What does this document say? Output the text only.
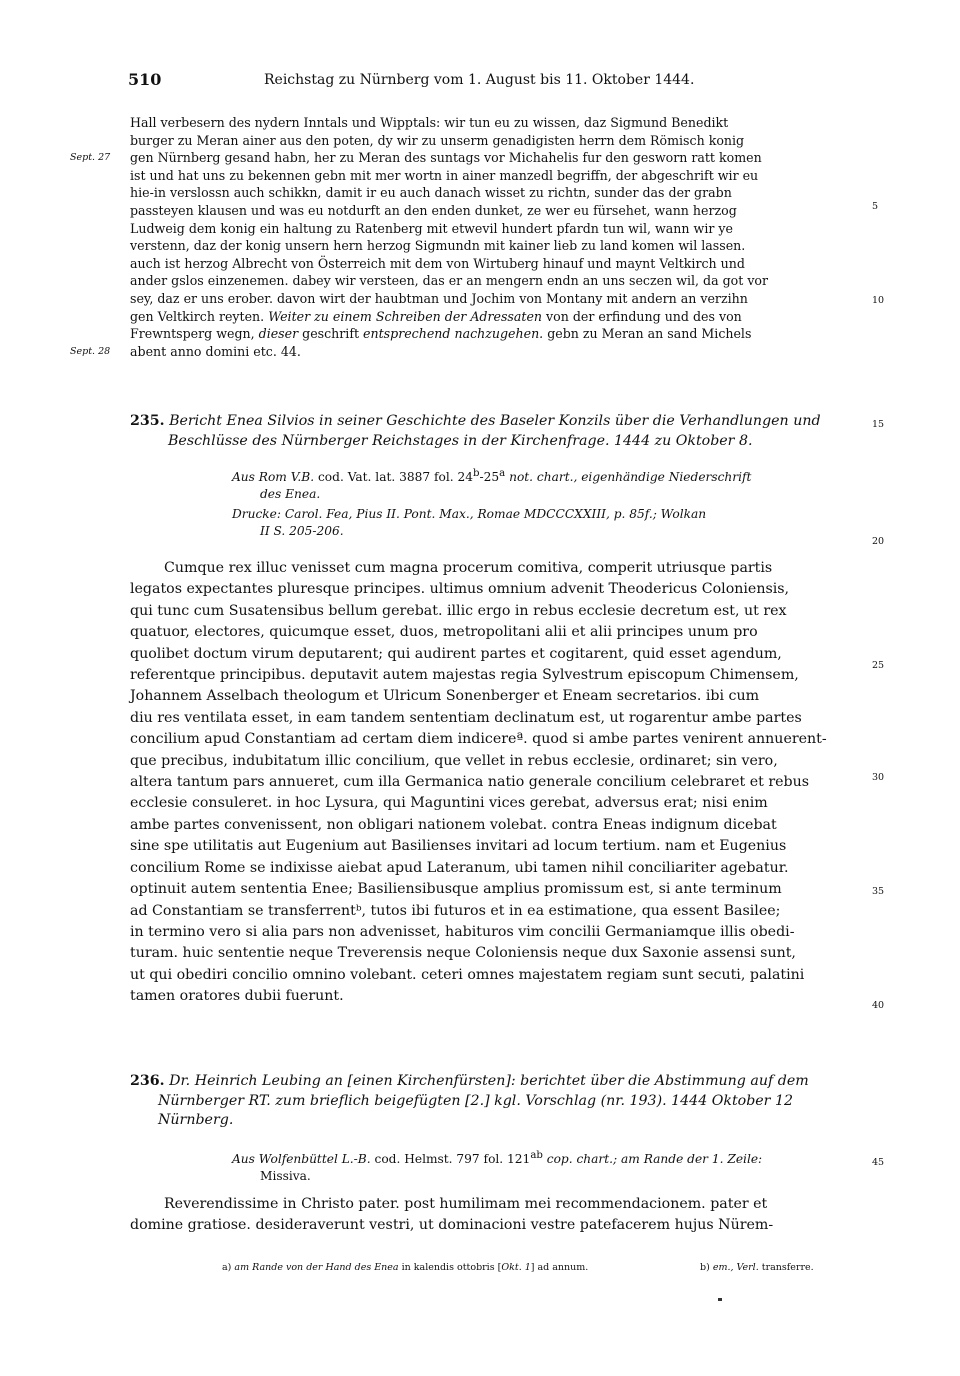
510	Reichstag zu Nürnberg vom 1. August bis 11. Oktober 1444.

Hall verbesern des nydern Inntals und Wipptals: wir tun eu zu wissen, daz Sigmund Benedikt

burger zu Meran ainer aus den poten, dy wir zu unserm genadigisten herrn dem Römisch konig

gen Nürnberg gesand habn, her zu Meran des suntags vor Michahelis fur den gesworn ratt komen

ist und hat uns zu bekennen gebn mit mer wortn in ainer manzedl begriffn, der abgeschrift wir eu

hie-in verslossn auch schikkn, damit ir eu auch danach wisset zu richtn, sunder das der grabn

passteyen klausen und was eu notdurft an den enden dunket, ze wer eu fürsehet, wann herzog

Ludweig dem konig ein haltung zu Ratenberg mit etwevil hundert pfardn tun wil, wann wir ye

verstenn, daz der konig unsern hern herzog Sigmundn mit kainer lieb zu land komen wil lassen.

auch ist herzog Albrecht von Österreich mit dem von Wirtuberg hinauf und maynt Veltkirch und

ander gslos einzenemen. dabey wir versteen, das er an mengern endn an uns seczen wil, da got vor

sey, daz er uns erober. davon wirt der haubtman und Jochim von Montany mit andern an verzihn

gen Veltkirch reyten. Weiter zu einem Schreiben der Adressaten von der erfindung und des von

Frewntsperg wegn, dieser geschrift entsprechend nachzugehen. gebn zu Meran an sand Michels

abent anno domini etc. 44.

Sept. 27
Sept. 28
5
10
15
20
25
30
35
40
45

235. Bericht Enea Silvios in seiner Geschichte des Baseler Konzils über die Verhandlungen und

Beschlüsse des Nürnberger Reichstages in der Kirchenfrage. 1444 zu Oktober 8.

Aus Rom V.B. cod. Vat. lat. 3887 fol. 24$^b$-25$^a$ not. chart., eigenhändige Niederschrift

des Enea.

Drucke: Carol. Fea, Pius II. Pont. Max., Romae MDCCCXXIII, p. 85f.; Wolkan

II S. 205-206.

Cumque rex illuc venisset cum magna procerum comitiva, comperit utriusque partis

legatos expectantes pluresque principes. ultimus omnium advenit Theodericus Coloniensis,

qui tunc cum Susatensibus bellum gerebat. illic ergo in rebus ecclesie decretum est, ut rex

quatuor, electores, quicumque esset, duos, metropolitani alii et alii principes unum pro

quolibet doctum virum deputarent; qui audirent partes et cogitarent, quid esset agendum,

referentque principibus. deputavit autem majestas regia Sylvestrum episcopum Chimensem,

Johannem Asselbach theologum et Ulricum Sonenberger et Eneam secretarios. ibi cum

diu res ventilata esset, in eam tandem sententiam declinatum est, ut rogarentur ambe partes

concilium apud Constantiam ad certam diem indicereª. quod si ambe partes venirent annuerent-

que precibus, indubitatum illic concilium, que vellet in rebus ecclesie, ordinaret; sin vero,

altera tantum pars annueret, cum illa Germanica natio generale concilium celebraret et rebus

ecclesie consuleret. in hoc Lysura, qui Maguntini vices gerebat, adversus erat; nisi enim

ambe partes convenissent, non obligari nationem volebat. contra Eneas indignum dicebat

sine spe utilitatis aut Eugenium aut Basilienses invitari ad locum tertium. nam et Eugenius

concilium Rome se indixisse aiebat apud Lateranum, ubi tamen nihil conciliariter agebatur.

optinuit autem sententia Enee; Basiliensibusque amplius promissum est, si ante terminum

ad Constantiam se transferrentᵇ, tutos ibi futuros et in ea estimatione, qua essent Basilee;

in termino vero si alia pars non advenisset, habituros vim concilii Germaniamque illis obedi-

turam. huic sententie neque Treverensis neque Coloniensis neque dux Saxonie assensi sunt,

ut qui obediri concilio omnino volebant. ceteri omnes majestatem regiam sunt secuti, palatini

tamen oratores dubii fuerunt.

236. Dr. Heinrich Leubing an [einen Kirchenfürsten]: berichtet über die Abstimmung auf dem

Nürnberger RT. zum brieflich beigefügten [2.] kgl. Vorschlag (nr. 193). 1444 Oktober 12

Nürnberg.

Aus Wolfenbüttel L.-B. cod. Helmst. 797 fol. $121^{ab}$ cop. chart.; am Rande der 1. Zeile:

Missiva.

Reverendissime in Christo pater. post humilimam mei recommendacionem. pater et

domine gratiose. desideraverunt vestri, ut dominacioni vestre patefacerem hujus Nürem-

a) am Rande von der Hand des Enea in kalendis ottobris [Okt. 1] ad annum.	b) em., Verl. transferre.
